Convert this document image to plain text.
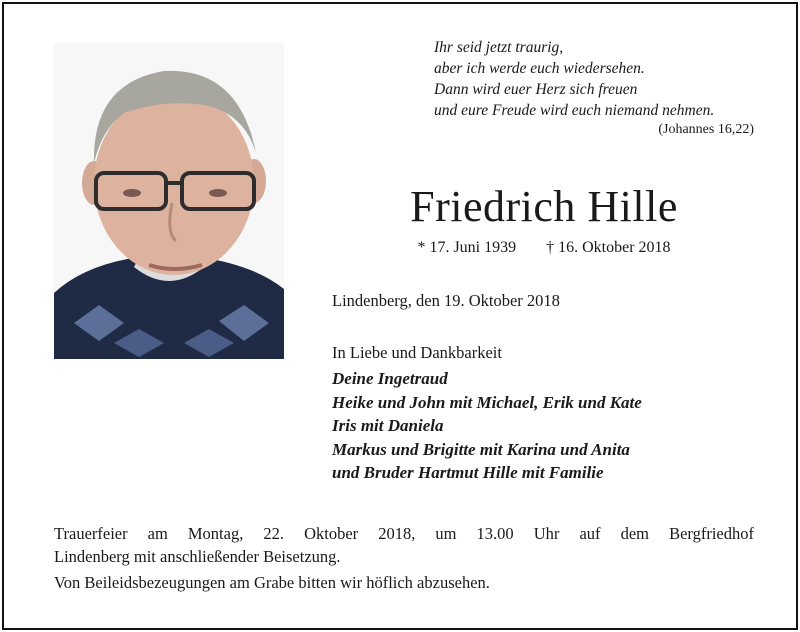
Ihr seid jetzt traurig,
aber ich werde euch wiedersehen.
Dann wird euer Herz sich freuen
und eure Freude wird euch niemand nehmen.
(Johannes 16,22)
Friedrich Hille
* 17. Juni 1939 † 16. Oktober 2018
Lindenberg, den 19. Oktober 2018
In Liebe und Dankbarkeit
Deine Ingetraud
Heike und John mit Michael, Erik und Kate
Iris mit Daniela
Markus und Brigitte mit Karina und Anita
und Bruder Hartmut Hille mit Familie
Trauerfeier am Montag, 22. Oktober 2018, um 13.00 Uhr auf dem Bergfriedhof
Lindenberg mit anschließender Beisetzung.
Von Beileidsbezeugungen am Grabe bitten wir höflich abzusehen.
